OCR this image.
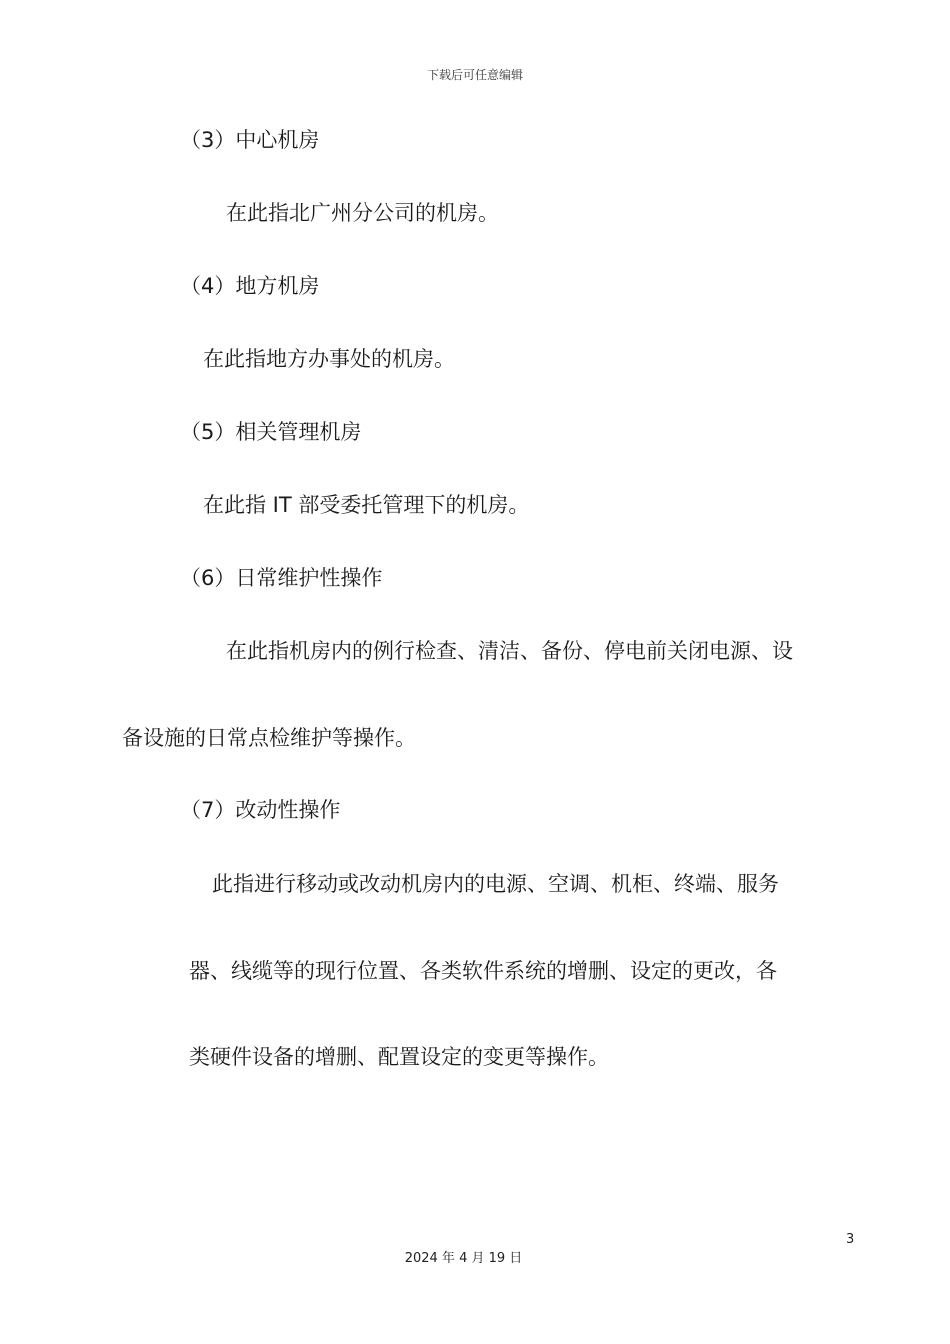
下载后可任意编辑
（3）中心机房
在此指北广州分公司的机房。
（4）地方机房
在此指地方办事处的机房。
（5）相关管理机房
在此指 IT 部受委托管理下的机房。
（6）日常维护性操作
在此指机房内的例行检查、清洁、备份、停电前关闭电源、设
备设施的日常点检维护等操作。
（7）改动性操作
此指进行移动或改动机房内的电源、空调、机柜、终端、服务
器、线缆等的现行位置、各类软件系统的增删、设定的更改，各
类硬件设备的增删、配置设定的变更等操作。
3
2024 年 4 月 19 日
